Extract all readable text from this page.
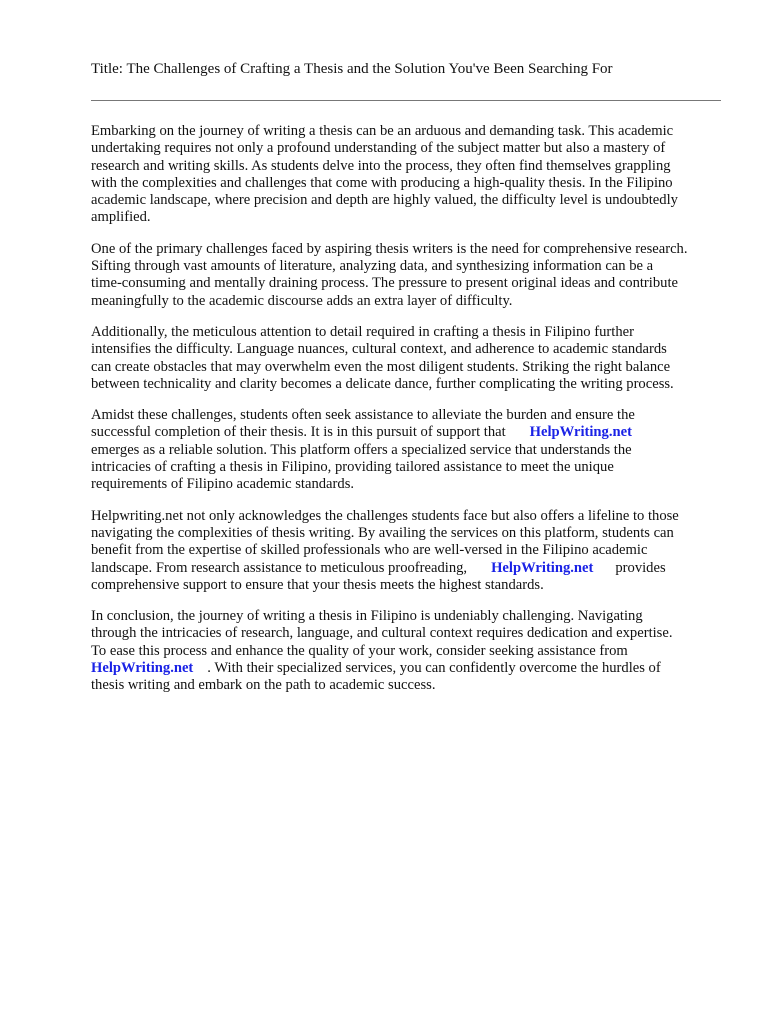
Title: The Challenges of Crafting a Thesis and the Solution You've Been Searching For

Embarking on the journey of writing a thesis can be an arduous and demanding task. This academic
undertaking requires not only a profound understanding of the subject matter but also a mastery of
research and writing skills. As students delve into the process, they often find themselves grappling
with the complexities and challenges that come with producing a high-quality thesis. In the Filipino
academic landscape, where precision and depth are highly valued, the difficulty level is undoubtedly
amplified.

One of the primary challenges faced by aspiring thesis writers is the need for comprehensive research.
Sifting through vast amounts of literature, analyzing data, and synthesizing information can be a
time-consuming and mentally draining process. The pressure to present original ideas and contribute
meaningfully to the academic discourse adds an extra layer of difficulty.

Additionally, the meticulous attention to detail required in crafting a thesis in Filipino further
intensifies the difficulty. Language nuances, cultural context, and adherence to academic standards
can create obstacles that may overwhelm even the most diligent students. Striking the right balance
between technicality and clarity becomes a delicate dance, further complicating the writing process.

Amidst these challenges, students often seek assistance to alleviate the burden and ensure the
successful completion of their thesis. It is in this pursuit of support that HelpWriting.net
emerges as a reliable solution. This platform offers a specialized service that understands the
intricacies of crafting a thesis in Filipino, providing tailored assistance to meet the unique
requirements of Filipino academic standards.

Helpwriting.net not only acknowledges the challenges students face but also offers a lifeline to those
navigating the complexities of thesis writing. By availing the services on this platform, students can
benefit from the expertise of skilled professionals who are well-versed in the Filipino academic
landscape. From research assistance to meticulous proofreading, HelpWriting.net provides
comprehensive support to ensure that your thesis meets the highest standards.

In conclusion, the journey of writing a thesis in Filipino is undeniably challenging. Navigating
through the intricacies of research, language, and cultural context requires dedication and expertise.
To ease this process and enhance the quality of your work, consider seeking assistance from
HelpWriting.net . With their specialized services, you can confidently overcome the hurdles of
thesis writing and embark on the path to academic success.
